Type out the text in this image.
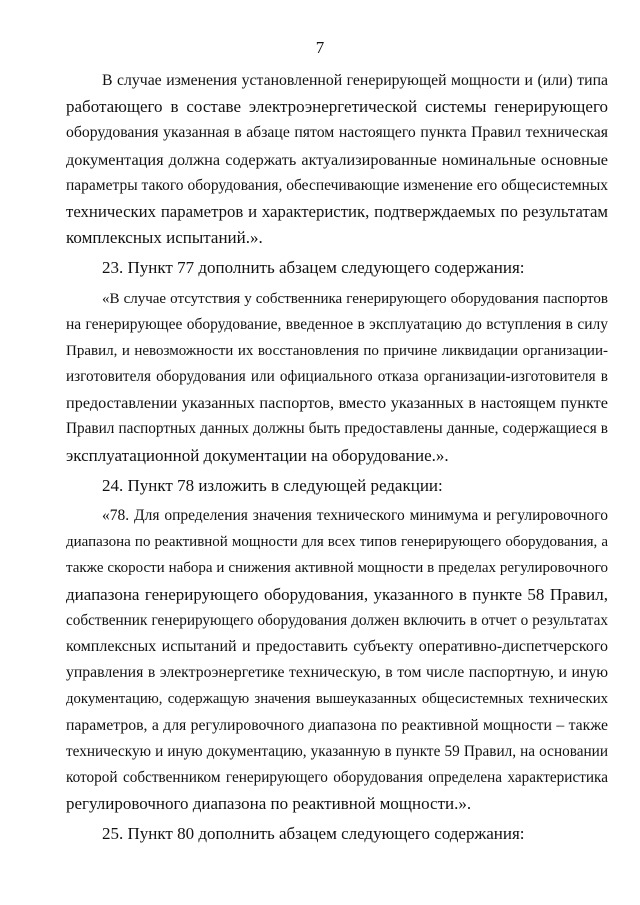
7
В случае изменения установленной генерирующей мощности и (или) типа
работающего в составе электроэнергетической системы генерирующего
оборудования указанная в абзаце пятом настоящего пункта Правил техническая
документация должна содержать актуализированные номинальные основные
параметры такого оборудования, обеспечивающие изменение его общесистемных
технических параметров и характеристик, подтверждаемых по результатам
комплексных испытаний.».
23. Пункт 77 дополнить абзацем следующего содержания:
«В случае отсутствия у собственника генерирующего оборудования паспортов
на генерирующее оборудование, введенное в эксплуатацию до вступления в силу
Правил, и невозможности их восстановления по причине ликвидации организации-
изготовителя оборудования или официального отказа организации-изготовителя в
предоставлении указанных паспортов, вместо указанных в настоящем пункте
Правил паспортных данных должны быть предоставлены данные, содержащиеся в
эксплуатационной документации на оборудование.».
24. Пункт 78 изложить в следующей редакции:
«78. Для определения значения технического минимума и регулировочного
диапазона по реактивной мощности для всех типов генерирующего оборудования, а
также скорости набора и снижения активной мощности в пределах регулировочного
диапазона генерирующего оборудования, указанного в пункте 58 Правил,
собственник генерирующего оборудования должен включить в отчет о результатах
комплексных испытаний и предоставить субъекту оперативно-диспетчерского
управления в электроэнергетике техническую, в том числе паспортную, и иную
документацию, содержащую значения вышеуказанных общесистемных технических
параметров, а для регулировочного диапазона по реактивной мощности – также
техническую и иную документацию, указанную в пункте 59 Правил, на основании
которой собственником генерирующего оборудования определена характеристика
регулировочного диапазона по реактивной мощности.».
25. Пункт 80 дополнить абзацем следующего содержания:
